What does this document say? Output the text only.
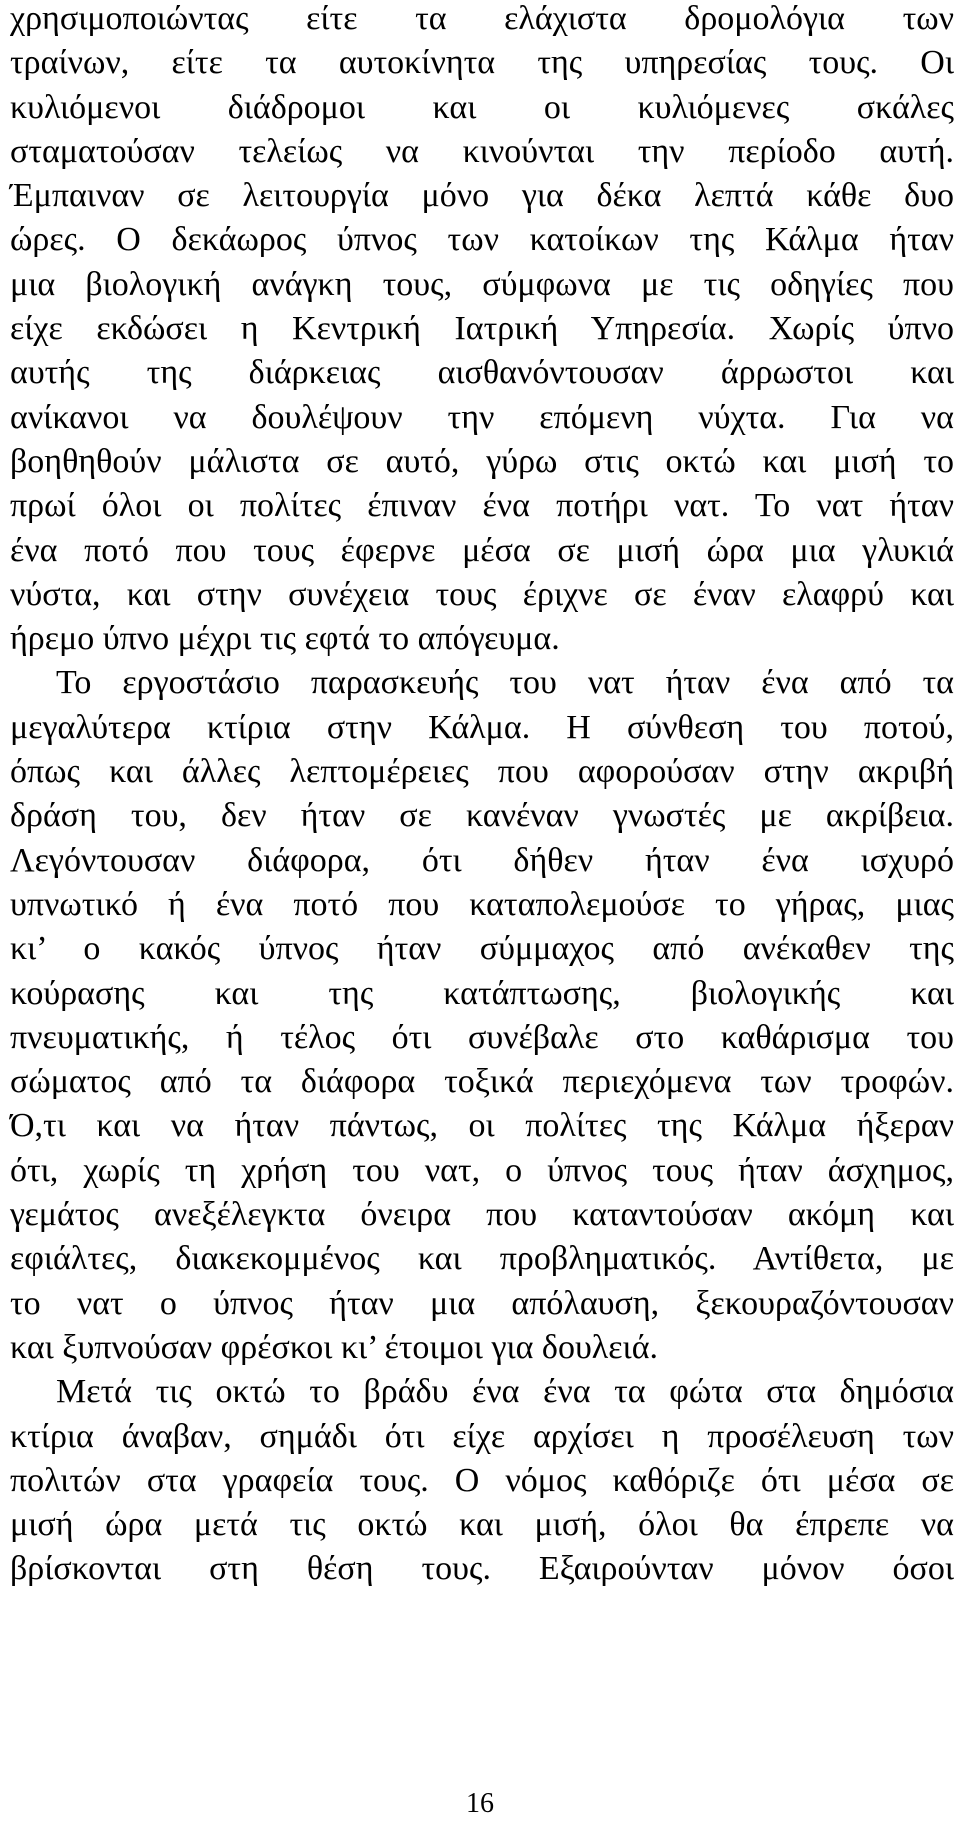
χρησιμοποιώντας είτε τα ελάχιστα δρομολόγια των
τραίνων, είτε τα αυτοκίνητα της υπηρεσίας τους. Οι
κυλιόμενοι διάδρομοι και οι κυλιόμενες σκάλες
σταματούσαν τελείως να κινούνται την περίοδο αυτή.
Έμπαιναν σε λειτουργία μόνο για δέκα λεπτά κάθε δυο
ώρες. Ο δεκάωρος ύπνος των κατοίκων της Κάλμα ήταν
μια βιολογική ανάγκη τους, σύμφωνα με τις οδηγίες που
είχε εκδώσει η Κεντρική Ιατρική Υπηρεσία. Χωρίς ύπνο
αυτής της διάρκειας αισθανόντουσαν άρρωστοι και
ανίκανοι να δουλέψουν την επόμενη νύχτα. Για να
βοηθηθούν μάλιστα σε αυτό, γύρω στις οκτώ και μισή το
πρωί όλοι οι πολίτες έπιναν ένα ποτήρι νατ. Το νατ ήταν
ένα ποτό που τους έφερνε μέσα σε μισή ώρα μια γλυκιά
νύστα, και στην συνέχεια τους έριχνε σε έναν ελαφρύ και
ήρεμο ύπνο μέχρι τις εφτά το απόγευμα.
Το εργοστάσιο παρασκευής του νατ ήταν ένα από τα
μεγαλύτερα κτίρια στην Κάλμα. Η σύνθεση του ποτού,
όπως και άλλες λεπτομέρειες που αφορούσαν στην ακριβή
δράση του, δεν ήταν σε κανέναν γνωστές με ακρίβεια.
Λεγόντουσαν διάφορα, ότι δήθεν ήταν ένα ισχυρό
υπνωτικό ή ένα ποτό που καταπολεμούσε το γήρας, μιας
κι’ ο κακός ύπνος ήταν σύμμαχος από ανέκαθεν της
κούρασης και της κατάπτωσης, βιολογικής και
πνευματικής, ή τέλος ότι συνέβαλε στο καθάρισμα του
σώματος από τα διάφορα τοξικά περιεχόμενα των τροφών.
Ό,τι και να ήταν πάντως, οι πολίτες της Κάλμα ήξεραν
ότι, χωρίς τη χρήση του νατ, ο ύπνος τους ήταν άσχημος,
γεμάτος ανεξέλεγκτα όνειρα που καταντούσαν ακόμη και
εφιάλτες, διακεκομμένος και προβληματικός. Αντίθετα, με
το νατ ο ύπνος ήταν μια απόλαυση, ξεκουραζόντουσαν
και ξυπνούσαν φρέσκοι κι’ έτοιμοι για δουλειά.
Μετά τις οκτώ το βράδυ ένα ένα τα φώτα στα δημόσια
κτίρια άναβαν, σημάδι ότι είχε αρχίσει η προσέλευση των
πολιτών στα γραφεία τους. Ο νόμος καθόριζε ότι μέσα σε
μισή ώρα μετά τις οκτώ και μισή, όλοι θα έπρεπε να
βρίσκονται στη θέση τους. Εξαιρούνταν μόνον όσοι
16
